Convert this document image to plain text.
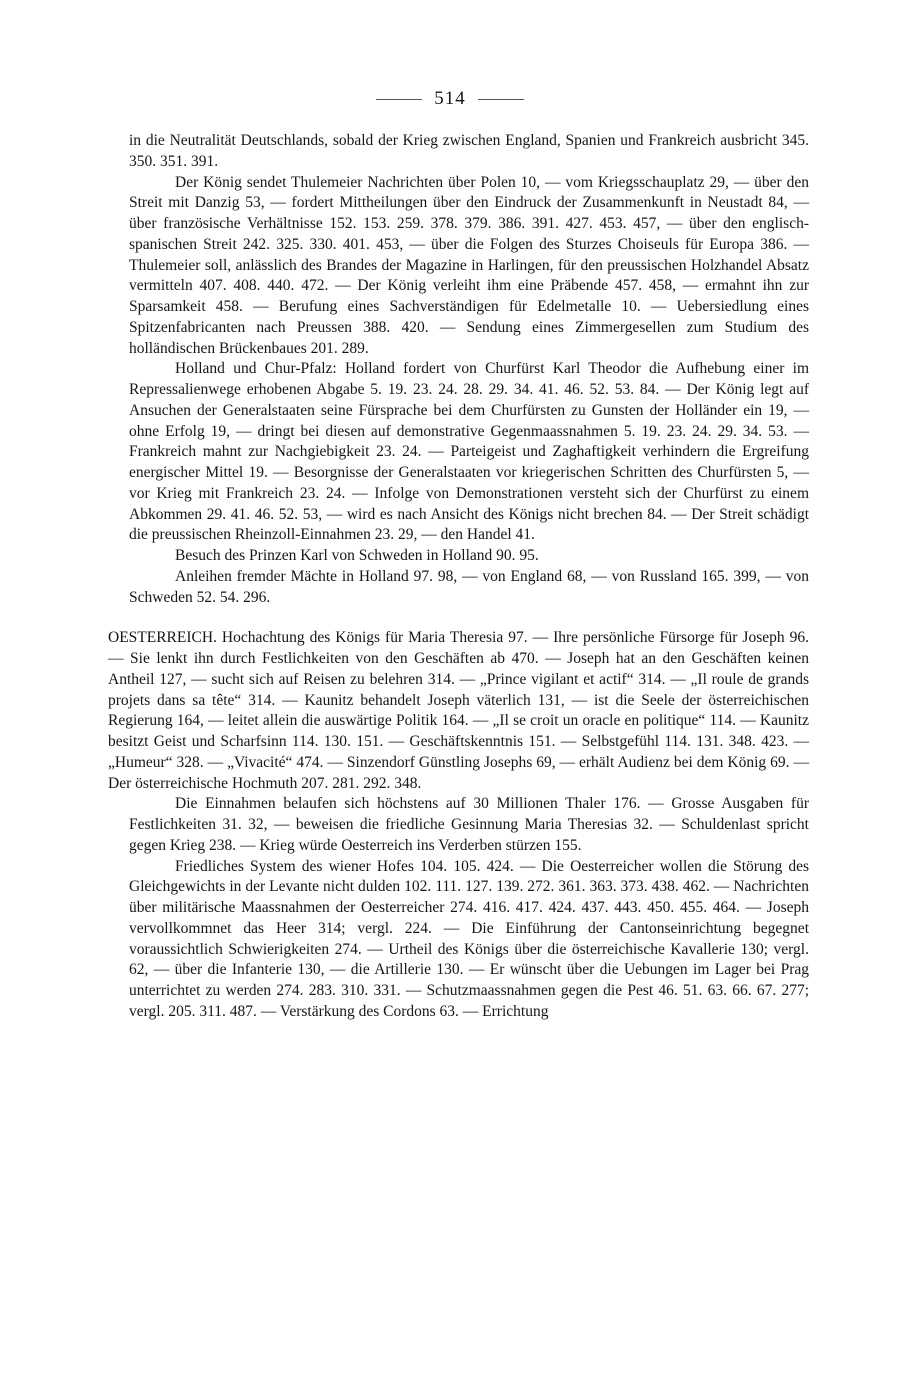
514

in die Neutralität Deutschlands, sobald der Krieg zwischen England, Spanien und Frankreich ausbricht 345. 350. 351. 391.

Der König sendet Thulemeier Nachrichten über Polen 10, — vom Kriegsschauplatz 29, — über den Streit mit Danzig 53, — fordert Mittheilungen über den Eindruck der Zusammenkunft in Neustadt 84, — über französische Verhältnisse 152. 153. 259. 378. 379. 386. 391. 427. 453. 457, — über den englisch-spanischen Streit 242. 325. 330. 401. 453, — über die Folgen des Sturzes Choiseuls für Europa 386. — Thulemeier soll, anlässlich des Brandes der Magazine in Harlingen, für den preussischen Holzhandel Absatz vermitteln 407. 408. 440. 472. — Der König verleiht ihm eine Präbende 457. 458, — ermahnt ihn zur Sparsamkeit 458. — Berufung eines Sachverständigen für Edelmetalle 10. — Uebersiedlung eines Spitzenfabricanten nach Preussen 388. 420. — Sendung eines Zimmergesellen zum Studium des holländischen Brückenbaues 201. 289.

Holland und Chur-Pfalz: Holland fordert von Churfürst Karl Theodor die Aufhebung einer im Repressalienwege erhobenen Abgabe 5. 19. 23. 24. 28. 29. 34. 41. 46. 52. 53. 84. — Der König legt auf Ansuchen der Generalstaaten seine Fürsprache bei dem Churfürsten zu Gunsten der Holländer ein 19, — ohne Erfolg 19, — dringt bei diesen auf demonstrative Gegenmaassnahmen 5. 19. 23. 24. 29. 34. 53. — Frankreich mahnt zur Nachgiebigkeit 23. 24. — Parteigeist und Zaghaftigkeit verhindern die Ergreifung energischer Mittel 19. — Besorgnisse der Generalstaaten vor kriegerischen Schritten des Churfürsten 5, — vor Krieg mit Frankreich 23. 24. — Infolge von Demonstrationen versteht sich der Churfürst zu einem Abkommen 29. 41. 46. 52. 53, — wird es nach Ansicht des Königs nicht brechen 84. — Der Streit schädigt die preussischen Rheinzoll-Einnahmen 23. 29, — den Handel 41.

Besuch des Prinzen Karl von Schweden in Holland 90. 95.

Anleihen fremder Mächte in Holland 97. 98, — von England 68, — von Russland 165. 399, — von Schweden 52. 54. 296.

OESTERREICH. Hochachtung des Königs für Maria Theresia 97. — Ihre persönliche Fürsorge für Joseph 96. — Sie lenkt ihn durch Festlichkeiten von den Geschäften ab 470. — Joseph hat an den Geschäften keinen Antheil 127, — sucht sich auf Reisen zu belehren 314. — „Prince vigilant et actif“ 314. — „Il roule de grands projets dans sa tête“ 314. — Kaunitz behandelt Joseph väterlich 131, — ist die Seele der österreichischen Regierung 164, — leitet allein die auswärtige Politik 164. — „Il se croit un oracle en politique“ 114. — Kaunitz besitzt Geist und Scharfsinn 114. 130. 151. — Geschäftskenntnis 151. — Selbstgefühl 114. 131. 348. 423. — „Humeur“ 328. — „Vivacité“ 474. — Sinzendorf Günstling Josephs 69, — erhält Audienz bei dem König 69. — Der österreichische Hochmuth 207. 281. 292. 348.

Die Einnahmen belaufen sich höchstens auf 30 Millionen Thaler 176. — Grosse Ausgaben für Festlichkeiten 31. 32, — beweisen die friedliche Gesinnung Maria Theresias 32. — Schuldenlast spricht gegen Krieg 238. — Krieg würde Oesterreich ins Verderben stürzen 155.

Friedliches System des wiener Hofes 104. 105. 424. — Die Oesterreicher wollen die Störung des Gleichgewichts in der Levante nicht dulden 102. 111. 127. 139. 272. 361. 363. 373. 438. 462. — Nachrichten über militärische Maassnahmen der Oesterreicher 274. 416. 417. 424. 437. 443. 450. 455. 464. — Joseph vervollkommnet das Heer 314; vergl. 224. — Die Einführung der Cantonseinrichtung begegnet voraussichtlich Schwierigkeiten 274. — Urtheil des Königs über die österreichische Kavallerie 130; vergl. 62, — über die Infanterie 130, — die Artillerie 130. — Er wünscht über die Uebungen im Lager bei Prag unterrichtet zu werden 274. 283. 310. 331. — Schutzmaassnahmen gegen die Pest 46. 51. 63. 66. 67. 277; vergl. 205. 311. 487. — Verstärkung des Cordons 63. — Errichtung
